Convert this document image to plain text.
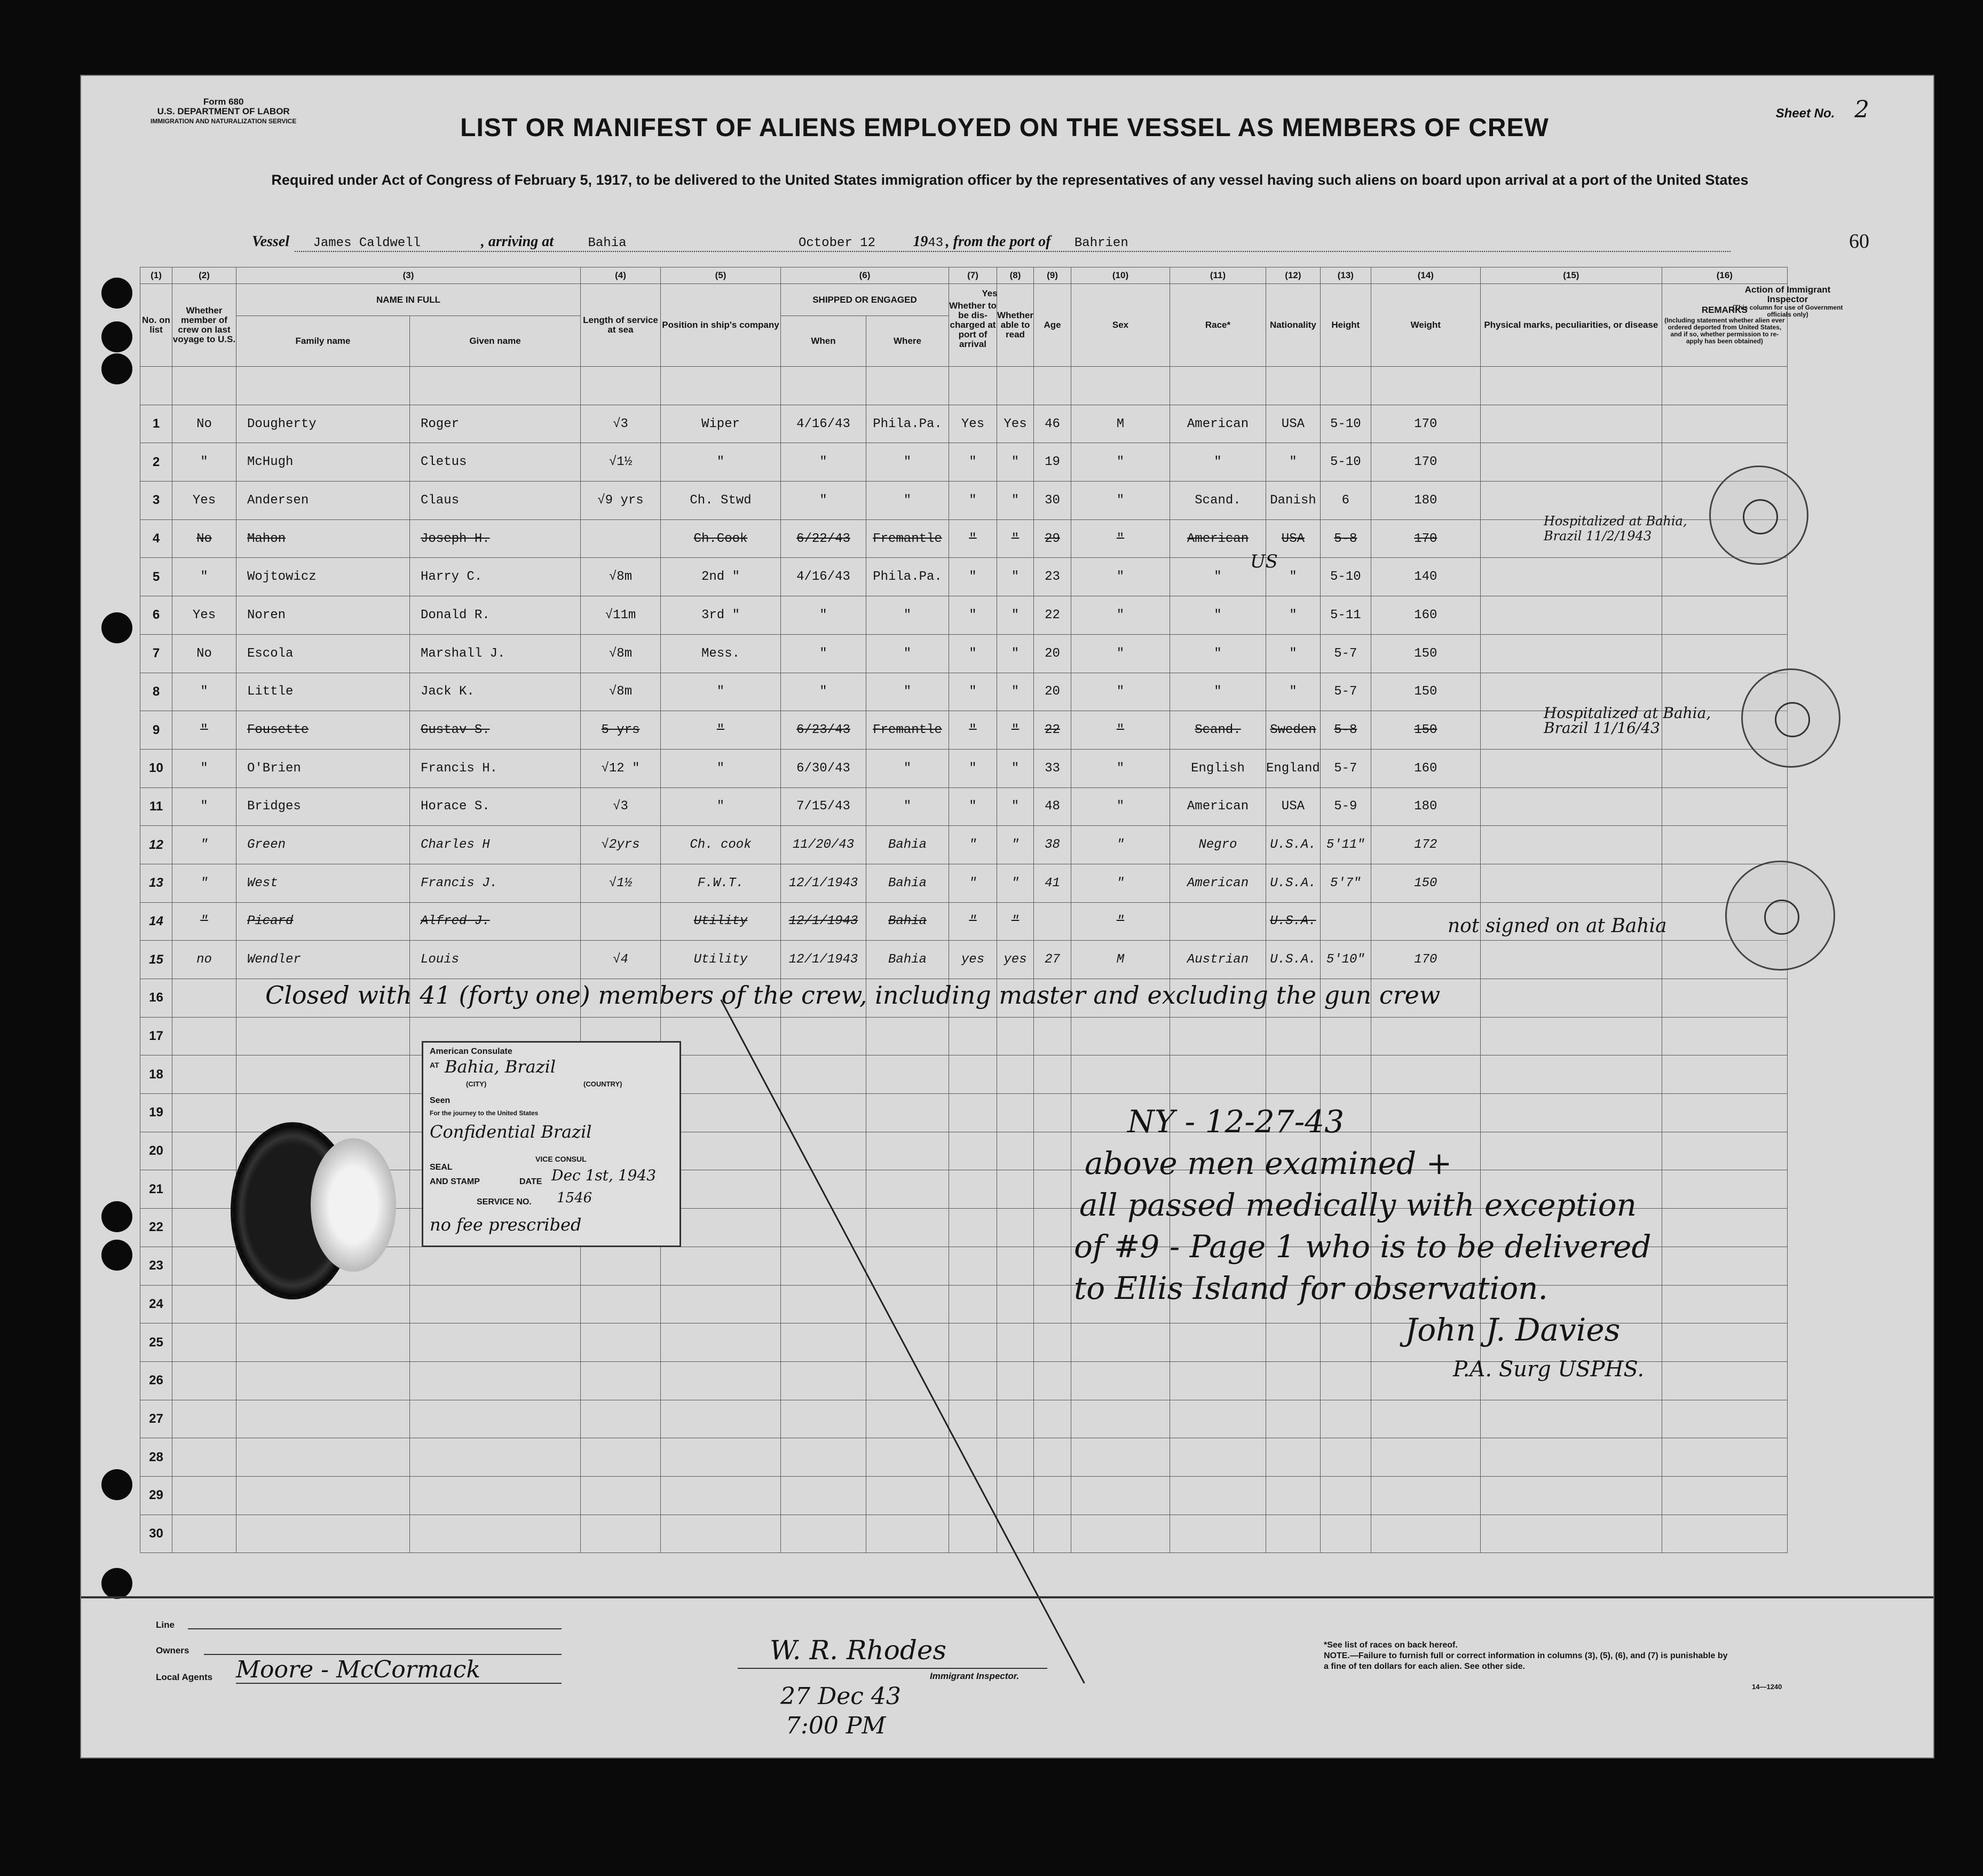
Form 680
U.S. DEPARTMENT OF LABOR
IMMIGRATION AND NATURALIZATION SERVICE	LIST OR MANIFEST OF ALIENS EMPLOYED ON THE VESSEL AS MEMBERS OF CREW
Required under Act of Congress of February 5, 1917, to be delivered to the United States immigration officer by the representatives of any vessel having such aliens on board upon arrival at a port of the United States
Sheet No. 2
Vessel James Caldwell	, arriving at	Bahia	October 12	1943 , from the port of Bahrien	60
(1)	(2)	(3)		(4)	(5)	(6)		(7)	(8)	(9)	(10)	(11)	(12)	(13)	(14)	(15)	(16)
No. on list	Whether member of crew on last voyage to U.S.	NAME IN FULL		Length of service at sea	Position in ship's company	SHIPPED OR ENGAGED		Whether to be dis-charged at port of arrival	Whether able to read	Age	Sex	Race*	Nationality	Height	Weight	Physical marks, peculiarities, or disease	REMARKS
(Including statement whether alien ever ordered deported from United States, and if so, whether permission to re-apply has been obtained)

		Family name	Given name			When	Where										

1	No	Dougherty	Roger	√3	Wiper	4/16/43	Phila.Pa.	Yes	Yes	46	M	American	USA	5-10	170		
2	"	McHugh	Cletus	√1½	"	"	"	"	"	19	"	"	"	5-10	170		
3	Yes	Andersen	Claus	√9 yrs	Ch. Stwd	"	"	"	"	30	"	Scand.	Danish	6	180		
4	No	Mahon	Joseph H.		Ch.Cook	6/22/43	Fremantle	"	"	29	"	American	USA	5-8	170		
5	"	Wojtowicz	Harry C.	√8m	2nd "	4/16/43	Phila.Pa.	"	"	23	"	"	"	5-10	140		
6	Yes	Noren	Donald R.	√11m	3rd "	"	"	"	"	22	"	"	"	5-11	160		
7	No	Escola	Marshall J.	√8m	Mess.	"	"	"	"	20	"	"	"	5-7	150		
8	"	Little	Jack K.	√8m	"	"	"	"	"	20	"	"	"	5-7	150		
9	"	Fousette	Gustav S.	5 yrs	"	6/23/43	Fremantle	"	"	22	"	Scand.	Sweden	5-8	150		
10	"	O'Brien	Francis H.	√12 "	"	6/30/43	"	"	"	33	"	English	England	5-7	160		
11	"	Bridges	Horace S.	√3	"	7/15/43	"	"	"	48	"	American	USA	5-9	180		
12	"	Green	Charles H	√2yrs	Ch. cook	11/20/43	Bahia	"	"	38	"	Negro	U.S.A.	5'11"	172		
13	"	West	Francis J.	√1½	F.W.T.	12/1/1943	Bahia	"	"	41	"	American	U.S.A.	5'7"	150		
14	"	Picard	Alfred J.		Utility	12/1/1943	Bahia	"	"		"		U.S.A.				
15	no	Wendler	Louis	√4	Utility	12/1/1943	Bahia	yes	yes	27	M	Austrian	U.S.A.	5'10"	170		
16																	
17																	
18																	
19																	
20																	
21																	
22																	
23																	
24																	
25																	
26																	
27																	
28																	
29																	
30																	
Action of Immigrant Inspector
(This column for use of Government officials only)
Yes
US
Hospitalized at Bahia, Brazil 11/2/1943
Hospitalized at Bahia, Brazil 11/16/43
not signed on at Bahia
Closed with 41 (forty one) members of the crew, including master and excluding the gun crew
American Consulate
AT Bahia, Brazil
(CITY)	(COUNTRY)
Seen
For the journey to the United States
Confidential Brazil
VICE CONSUL
SEAL
AND STAMP	DATE Dec 1st, 1943
SERVICE NO. 1546
no fee prescribed
NY - 12-27-43
above men examined +
all passed medically with exception
of #9 - Page 1 who is to be delivered
to Ellis Island for observation.
John J. Davies
P.A. Surg USPHS.
Line
Owners
Local Agents Moore - McCormack
W. R. Rhodes
Immigrant Inspector.
27 Dec 43
7:00 PM
*See list of races on back hereof.
NOTE.—Failure to furnish full or correct information in columns (3), (5), (6), and (7) is punishable by a fine of ten dollars for each alien. See other side.
14—1240
